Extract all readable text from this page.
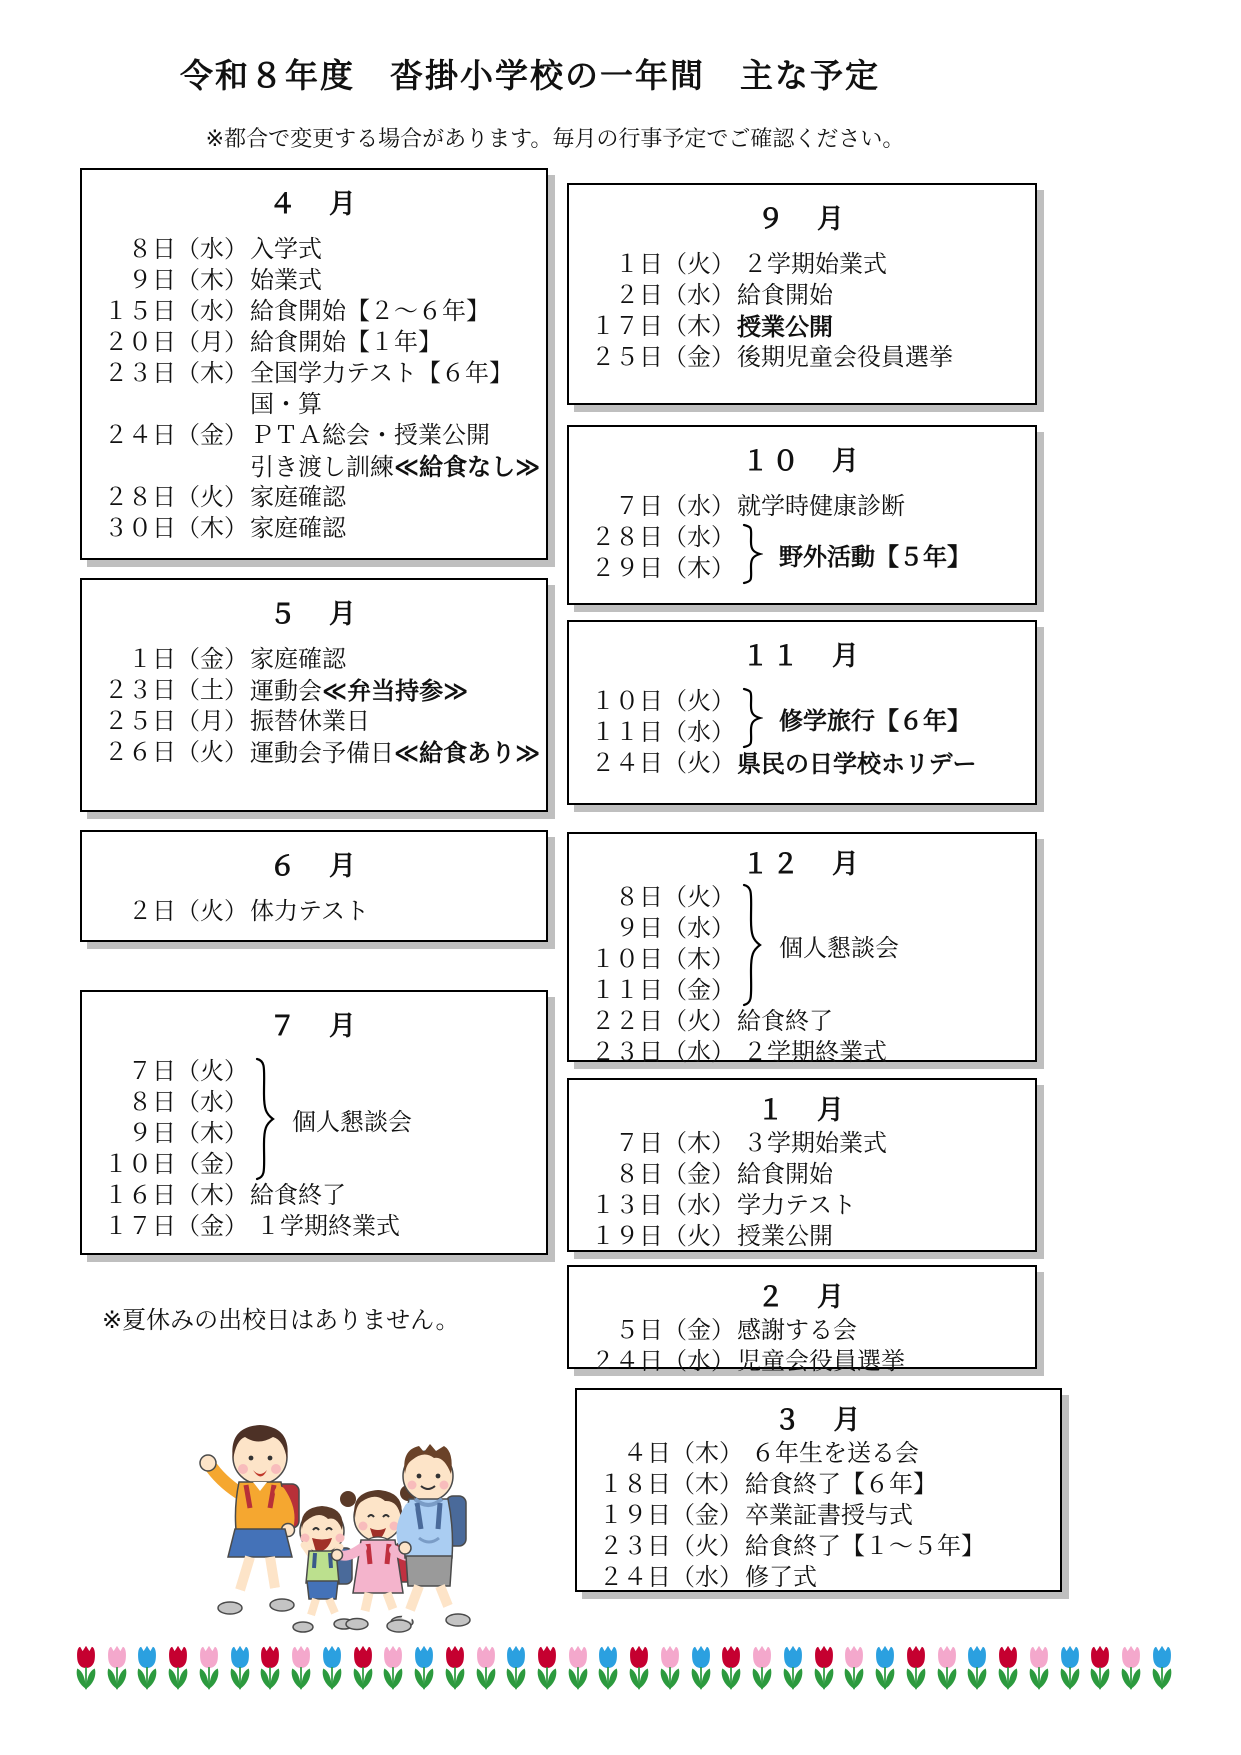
令和８年度　沓掛小学校の一年間　主な予定
※都合で変更する場合があります。毎月の行事予定でご確認ください。
４　月
８日 （水） 入学式
９日 （木） 始業式
１５日 （水） 給食開始【２～６年】
２０日 （月） 給食開始【１年】
２３日 （木） 全国学力テスト【６年】
国・算
２４日 （金） ＰＴＡ総会・授業公開
引き渡し訓練≪給食なし≫
２８日 （火） 家庭確認
３０日 （木） 家庭確認
５　月
１日 （金） 家庭確認
２３日 （土） 運動会≪弁当持参≫
２５日 （月） 振替休業日
２６日 （火） 運動会予備日≪給食あり≫
６　月
２日 （火） 体力テスト
７　月
７日 （火）
８日 （水）
９日 （木）
１０日 （金）
個人懇談会
１６日 （木） 給食終了
１７日 （金） １学期終業式
９　月
１日 （火） ２学期始業式
２日 （水） 給食開始
１７日 （木） 授業公開
２５日 （金） 後期児童会役員選挙
１０　月
７日 （水） 就学時健康診断
２８日 （水）
２９日 （木） 野外活動【５年】
１１　月
１０日 （火）
１１日 （水） 修学旅行【６年】
２４日 （火） 県民の日学校ホリデー
１２　月
８日 （火）
９日 （水）
１０日 （木）
１１日 （金）
個人懇談会
２２日 （火） 給食終了
２３日 （水） ２学期終業式
１　月
７日 （木） ３学期始業式
８日 （金） 給食開始
１３日 （水） 学力テスト
１９日 （火） 授業公開
２　月
５日 （金） 感謝する会
２４日 （水） 児童会役員選挙
３　月
４日 （木） ６年生を送る会
１８日 （木） 給食終了【６年】
１９日 （金） 卒業証書授与式
２３日 （火） 給食終了【１～５年】
２４日 （水） 修了式
※夏休みの出校日はありません。
